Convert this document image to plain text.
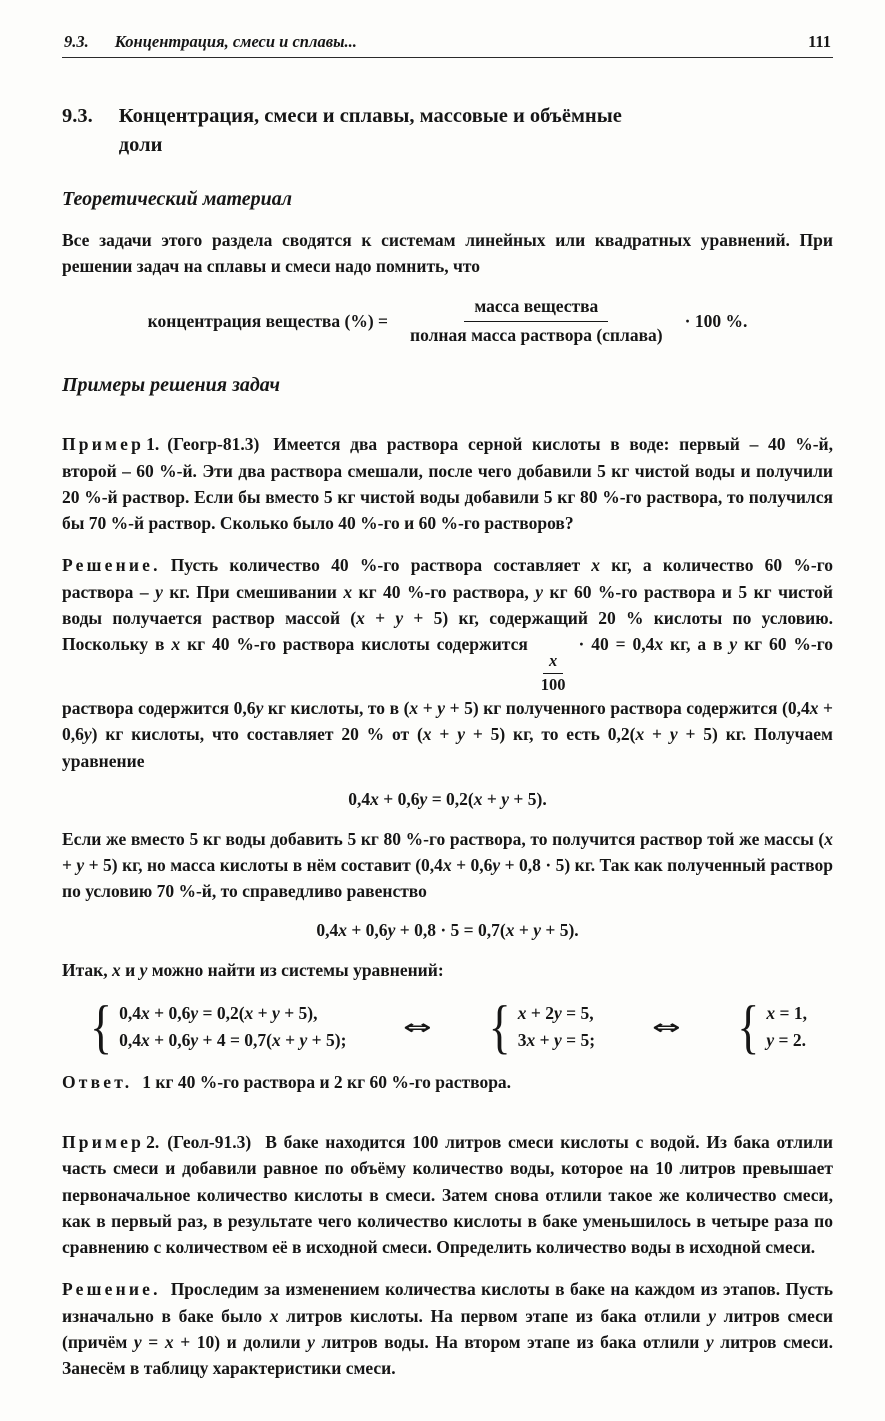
9.3. Концентрация, смеси и сплавы...	111
9.3. Концентрация, смеси и сплавы, массовые и объёмные
доли
Теоретический материал

Все задачи этого раздела сводятся к системам линейных или квадратных уравнений. При решении задач на сплавы и смеси надо помнить, что

концентрация вещества (%) = $\frac{\text{масса вещества}}{\text{полная масса раствора (сплава)}} \cdot 100$ %.
Примеры решения задач

Пример 1. (Геогр-81.3) Имеется два раствора серной кислоты в воде: первый – 40 %-й, второй – 60 %-й. Эти два раствора смешали, после чего добавили 5 кг чистой воды и получили 20 %-й раствор. Если бы вместо 5 кг чистой воды добавили 5 кг 80 %-го раствора, то получился бы 70 %-й раствор. Сколько было 40 %-го и 60 %-го растворов?

Решение. Пусть количество 40 %-го раствора составляет x кг, а количество 60 %-го раствора – y кг. При смешивании x кг 40 %-го раствора, y кг 60 %-го раствора и 5 кг чистой воды получается раствор массой (x + y + 5) кг, содержащий 20 % кислоты по условию. Поскольку в x кг 40 %-го раствора кислоты содержится
$\frac{x}{100}$
· 40 = 0,4x кг, а в y кг 60 %-го раствора содержится 0,6y кг кислоты, то в (x + y + 5) кг полученного раствора содержится (0,4x + 0,6y) кг кислоты, что составляет 20 % от (x + y + 5) кг, то есть 0,2(x + y + 5) кг. Получаем уравнение

0,4x + 0,6y = 0,2(x + y + 5).

Если же вместо 5 кг воды добавить 5 кг 80 %-го раствора, то получится раствор той же массы (x + y + 5) кг, но масса кислоты в нём составит (0,4x + 0,6y + 0,8 · 5) кг. Так как полученный раствор по условию 70 %-й, то справедливо равенство

0,4x + 0,6y + 0,8 · 5 = 0,7(x + y + 5).

Итак, x и y можно найти из системы уравнений:

{ 0,4x + 0,6y = 0,2(x + y + 5),
0,4x + 0,6y + 4 = 0,7(x + y + 5);
⇔	{ x + 2y = 5,
3x + y = 5;
⇔	{ x = 1,
y = 2.

Ответ. 1 кг 40 %-го раствора и 2 кг 60 %-го раствора.

Пример 2. (Геол-91.3) В баке находится 100 литров смеси кислоты с водой. Из бака отлили часть смеси и добавили равное по объёму количество воды, которое на 10 литров превышает первоначальное количество кислоты в смеси. Затем снова отлили такое же количество смеси, как в первый раз, в результате чего количество кислоты в баке уменьшилось в четыре раза по сравнению с количеством её в исходной смеси. Определить количество воды в исходной смеси.

Решение. Проследим за изменением количества кислоты в баке на каждом из этапов. Пусть изначально в баке было x литров кислоты. На первом этапе из бака отлили y литров смеси (причём y = x + 10) и долили y литров воды. На втором этапе из бака отлили y литров смеси. Занесём в таблицу характеристики смеси.
